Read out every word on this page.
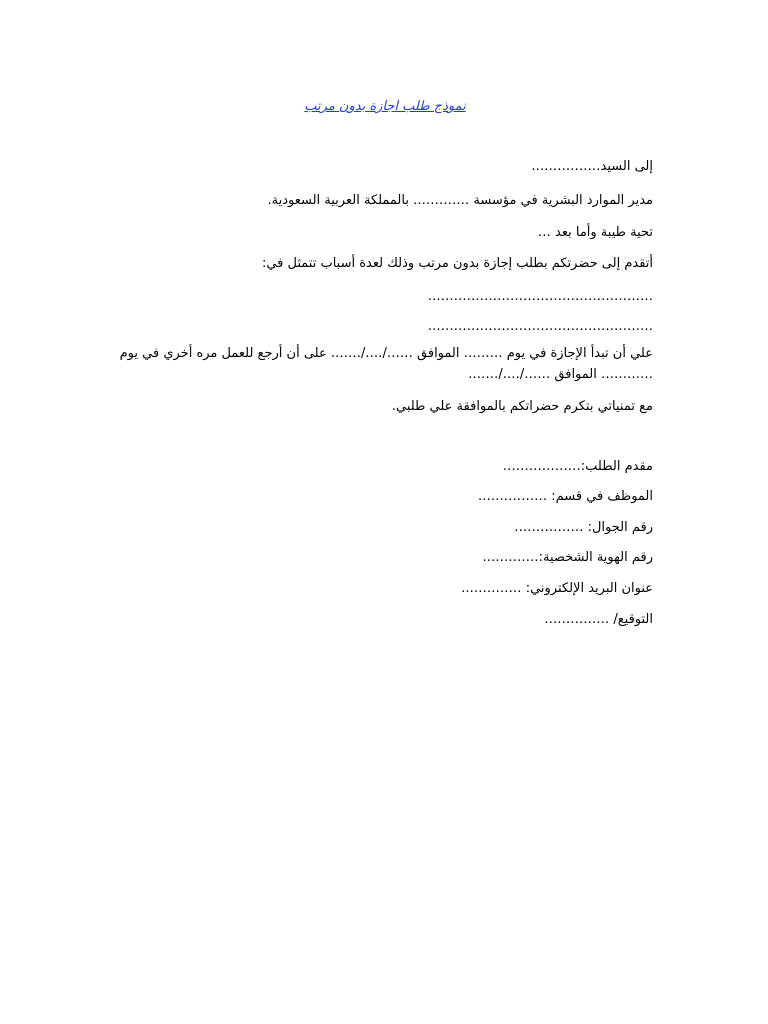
نموذج طلب اجازة بدون مرتب
إلى السيد…………….
مدير الموارد البشرية في مؤسسة …………. بالمملكة العربية السعودية.
تحية طيبة وأما بعد …
أتقدم إلى حضرتكم بطلب إجازة بدون مرتب وذلك لعدة أسباب تتمثل في:
…………………………………………….
…………………………………………….
علي أن تبدأ الإجازة في يوم ……… الموافق ……/…./……. على أن أرجع للعمل مره أخري في يوم ………… الموافق ……/…./…….
مع تمنياتي بتكرم حضراتكم بالموافقة علي طلبي.
مقدم الطلب:………………
الموظف في قسم: …………….
رقم الجوال: …………….
رقم الهوية الشخصية:………….
عنوان البريد الإلكتروني: …………..
التوقيع/ ……………
